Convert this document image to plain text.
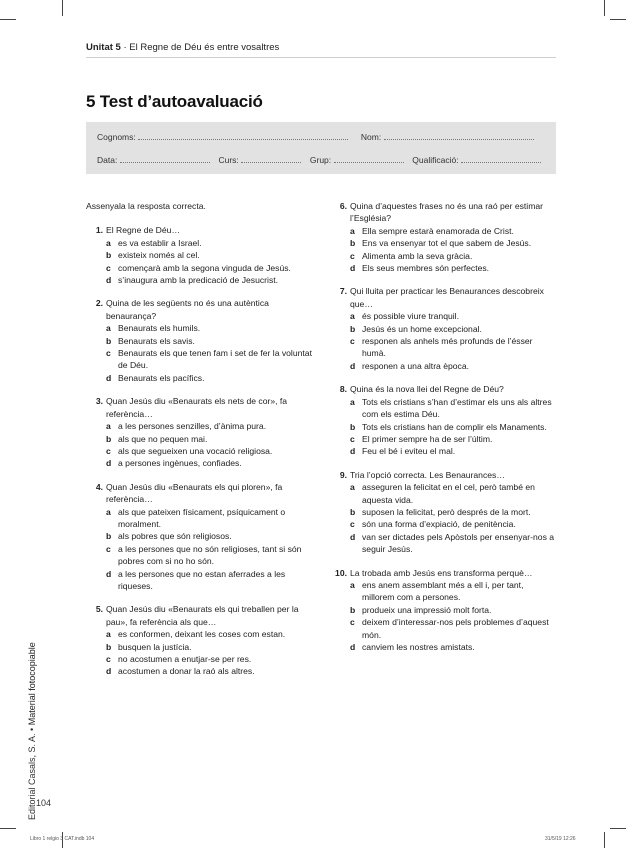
Unitat 5 · El Regne de Déu és entre vosaltres
5 Test d’autoavaluació
Cognoms:	Nom:
Data:	Curs:	Grup:	Qualificació:
Assenyala la resposta correcta.
1. El Regne de Déu…
a es va establir a Israel.
b existeix només al cel.
c començarà amb la segona vinguda de Jesús.
d s’inaugura amb la predicació de Jesucrist.
2. Quina de les següents no és una autèntica benaurança?
a Benaurats els humils.
b Benaurats els savis.
c Benaurats els que tenen fam i set de fer la voluntat de Déu.
d Benaurats els pacífics.
3. Quan Jesús diu «Benaurats els nets de cor», fa referència…
a a les persones senzilles, d’ànima pura.
b als que no pequen mai.
c als que segueixen una vocació religiosa.
d a persones ingènues, confiades.
4. Quan Jesús diu «Benaurats els qui ploren», fa referència…
a als que pateixen físicament, psíquicament o moralment.
b als pobres que són religiosos.
c a les persones que no són religioses, tant si són pobres com si no ho són.
d a les persones que no estan aferrades a les riqueses.
5. Quan Jesús diu «Benaurats els qui treballen per la pau», fa referència als que…
a es conformen, deixant les coses com estan.
b busquen la justícia.
c no acostumen a enutjar-se per res.
d acostumen a donar la raó als altres.
6. Quina d’aquestes frases no és una raó per estimar l’Església?
a Ella sempre estarà enamorada de Crist.
b Ens va ensenyar tot el que sabem de Jesús.
c Alimenta amb la seva gràcia.
d Els seus membres són perfectes.
7. Qui lluita per practicar les Benaurances descobreix que…
a és possible viure tranquil.
b Jesús és un home excepcional.
c responen als anhels més profunds de l’ésser humà.
d responen a una altra època.
8. Quina és la nova llei del Regne de Déu?
a Tots els cristians s’han d’estimar els uns als altres com els estima Déu.
b Tots els cristians han de complir els Manaments.
c El primer sempre ha de ser l’últim.
d Feu el bé i eviteu el mal.
9. Tria l’opció correcta. Les Benaurances…
a asseguren la felicitat en el cel, però també en aquesta vida.
b suposen la felicitat, però després de la mort.
c són una forma d’expiació, de penitència.
d van ser dictades pels Apòstols per ensenyar-nos a seguir Jesús.
10. La trobada amb Jesús ens transforma perquè…
a ens anem assemblant més a ell i, per tant, millorem com a persones.
b produeix una impressió molt forta.
c deixem d’interessar-nos pels problemes d’aquest món.
d canviem les nostres amistats.
Editorial Casals, S. A. • Material fotocopiable
104
Libro 1 relgio 3 CAT.indb 104	31/5/19 12:26
